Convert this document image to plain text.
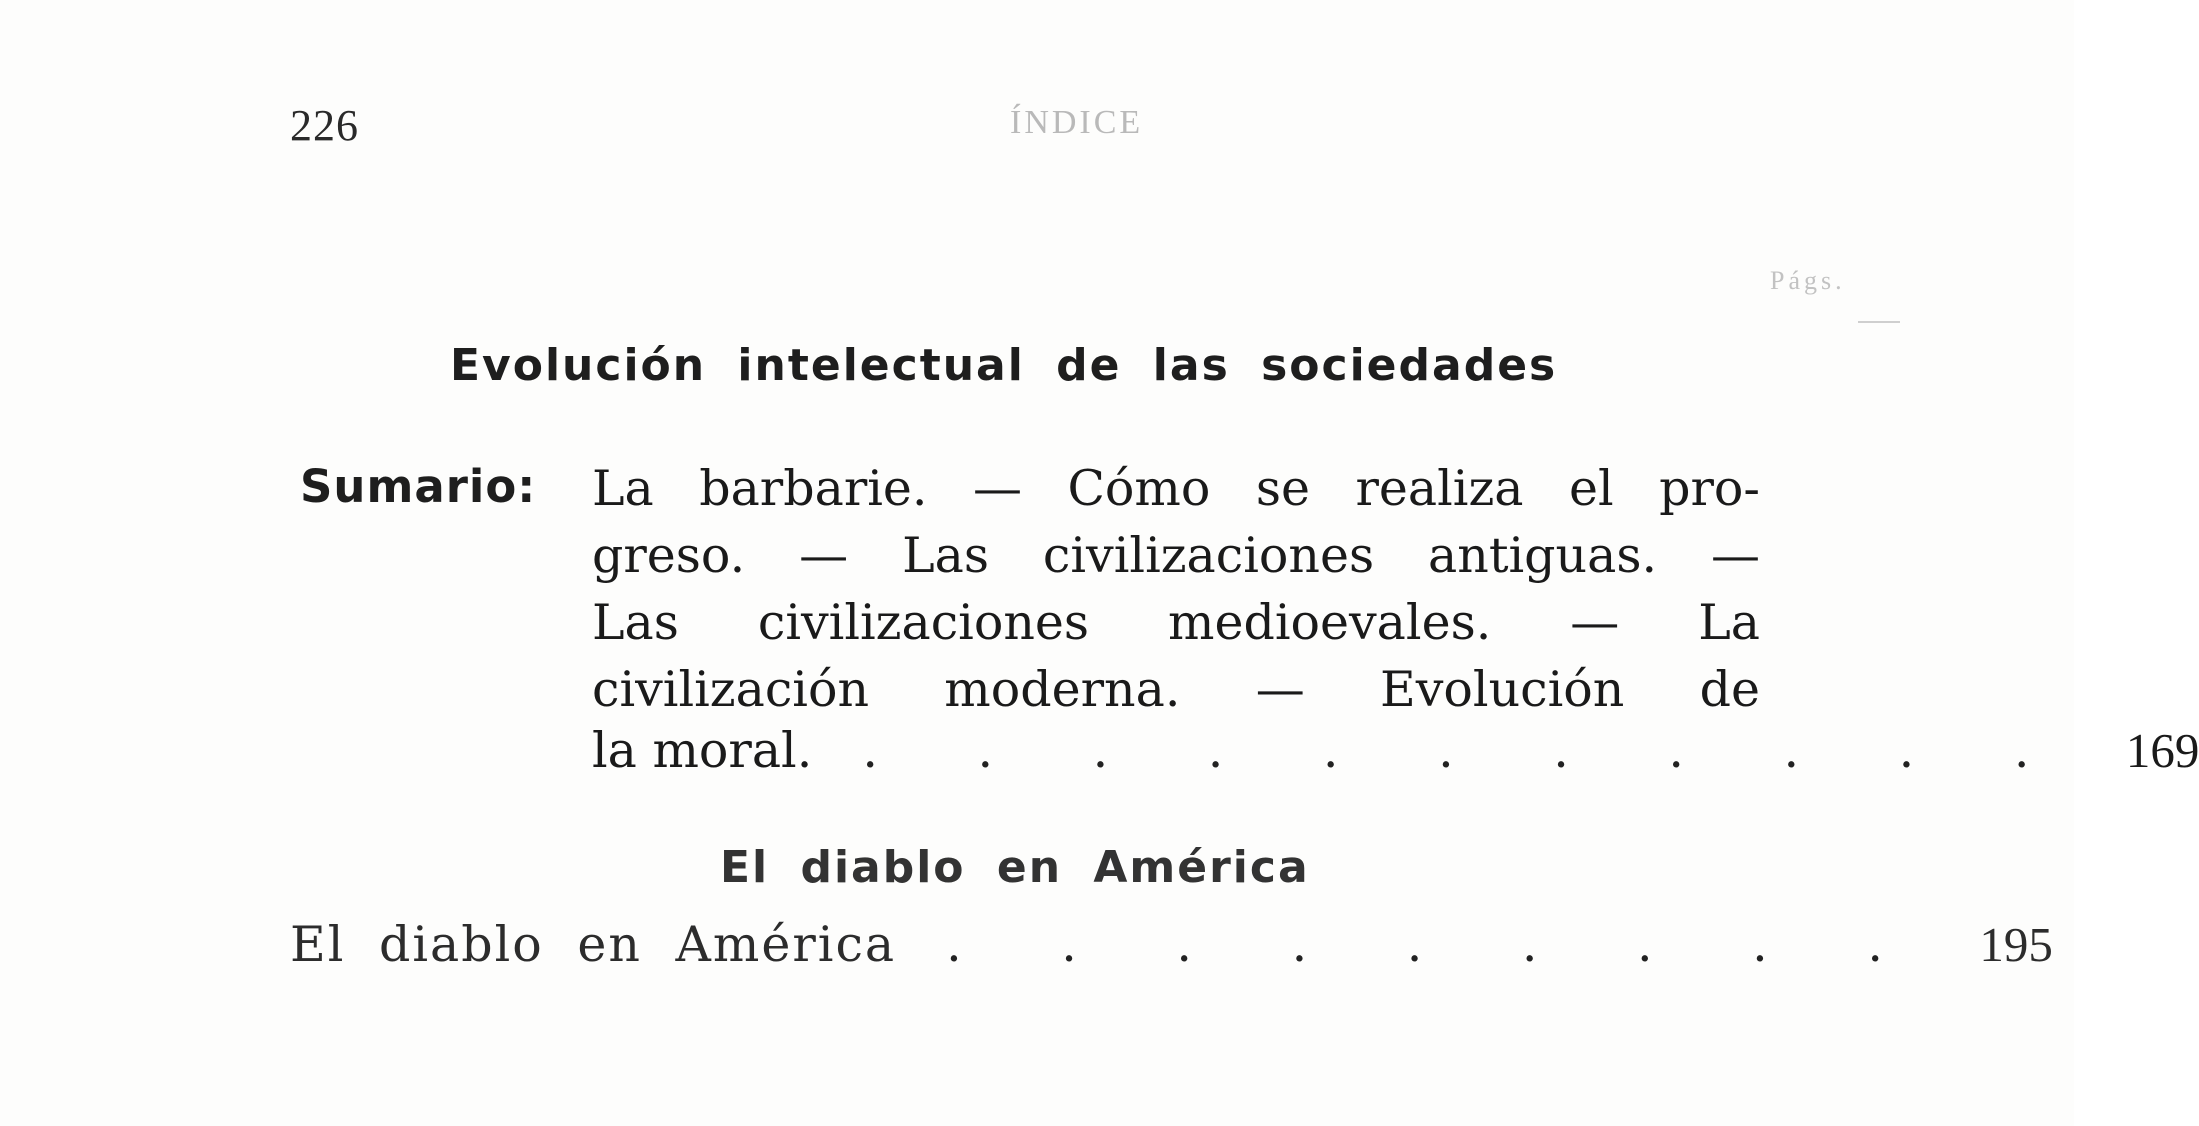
226	ÍNDICE
Págs.
Evolución intelectual de las sociedades
Sumario: La barbarie. — Cómo se realiza el pro-
greso. — Las civilizaciones antiguas. —
Las civilizaciones medioevales. — La
civilización moderna. — Evolución de
la moral. . . . . . . . . . . .	169
El diablo en América
El diablo en América . . . . . . . . .	195
